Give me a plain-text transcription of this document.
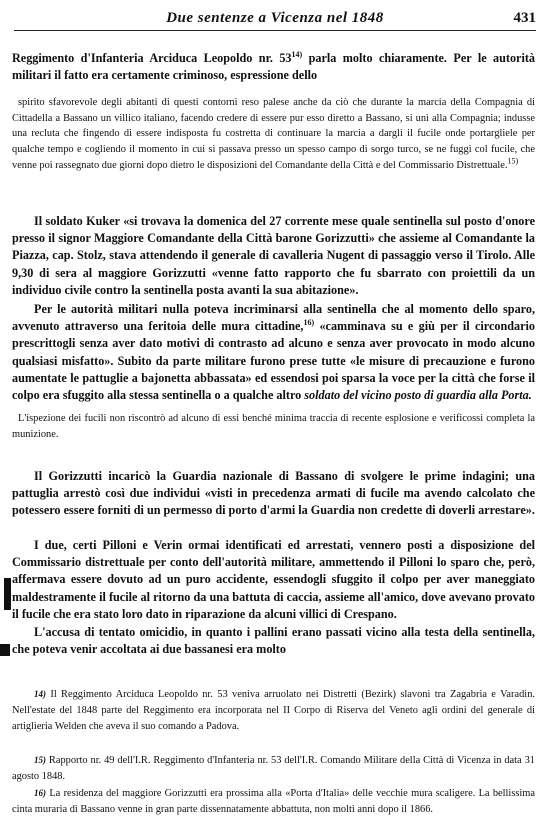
Due sentenze a Vicenza nel 1848	431

Reggimento d'Infanteria Arciduca Leopoldo nr. 53$^{14)}$ parla molto chiaramente. Per le autorità militari il fatto era certamente criminoso, espressione dello

spirito sfavorevole degli abitanti di questi contorni reso palese anche da ciò che durante la marcia della Compagnia di Cittadella a Bassano un villico italiano, facendo credere di essere pur esso diretto a Bassano, si unì alla Compagnia; indusse una recluta che fingendo di essere indisposta fu costretta di continuare la marcia a dargli il fucile onde portargliele per qualche tempo e cogliendo il momento in cui si passava presso un spesso campo di sorgo turco, se ne fuggì col fucile, che venne poi rassegnato due giorni dopo dietro le disposizioni del Comandante della Città e del Commissario Distrettuale.$^{15)}$

Il soldato Kuker «si trovava la domenica del 27 corrente mese quale sentinella sul posto d'onore presso il signor Maggiore Comandante della Città barone Gorizzutti» che assieme al Comandante la Piazza, cap. Stolz, stava attendendo il generale di cavalleria Nugent di passaggio verso il Tirolo. Alle 9,30 di sera al maggiore Gorizzutti «venne fatto rapporto che fu sbarrato con proiettili da un individuo civile contro la sentinella posta avanti la sua abitazione».

Per le autorità militari nulla poteva incriminarsi alla sentinella che al momento dello sparo, avvenuto attraverso una feritoia delle mura cittadine,$^{16)}$ «camminava su e giù per il circondario prescrittogli senza aver dato motivi di contrasto ad alcuno e senza aver provocato in modo alcuno qualsiasi misfatto». Subito da parte militare furono prese tutte «le misure di precauzione e furono aumentate le pattuglie a bajonetta abbassata» ed essendosi poi sparsa la voce per la città che forse il colpo era sfuggito alla stessa sentinella o a qualche altro soldato del vicino posto di guardia alla Porta.

L'ispezione dei fucili non riscontrò ad alcuno di essi benché minima traccia di recente esplosione e verificossi completa la munizione.

Il Gorizzutti incaricò la Guardia nazionale di Bassano di svolgere le prime indagini; una pattuglia arrestò così due individui «visti in precedenza armati di fucile ma avendo calcolato che potessero essere forniti di un permesso di porto d'armi la Guardia non credette di doverli arrestare».

I due, certi Pilloni e Verin ormai identificati ed arrestati, vennero posti a disposizione del Commissario distrettuale per conto dell'autorità militare, ammettendo il Pilloni lo sparo che, però, affermava essere dovuto ad un puro accidente, essendogli sfuggito il colpo per aver maneggiato maldestramente il fucile al ritorno da una battuta di caccia, assieme all'amico, dove avevano provato il fucile che era stato loro dato in riparazione da alcuni villici di Crespano.

L'accusa di tentato omicidio, in quanto i pallini erano passati vicino alla testa della sentinella, che poteva venir accoltata ai due bassanesi era molto

14) Il Reggimento Arciduca Leopoldo nr. 53 veniva arruolato nei Distretti (Bezirk) slavoni tra Zagabria e Varadin. Nell'estate del 1848 parte del Reggimento era incorporata nel II Corpo di Riserva del Veneto agli ordini del generale di artiglieria Welden che aveva il suo comando a Padova.

15) Rapporto nr. 49 dell'I.R. Reggimento d'Infanteria nr. 53 dell'I.R. Comando Militare della Città di Vicenza in data 31 agosto 1848.

16) La residenza del maggiore Gorizzutti era prossima alla «Porta d'Italia» delle vecchie mura scaligere. La bellissima cinta muraria di Bassano venne in gran parte dissennatamente abbattuta, non molti anni dopo il 1866.
